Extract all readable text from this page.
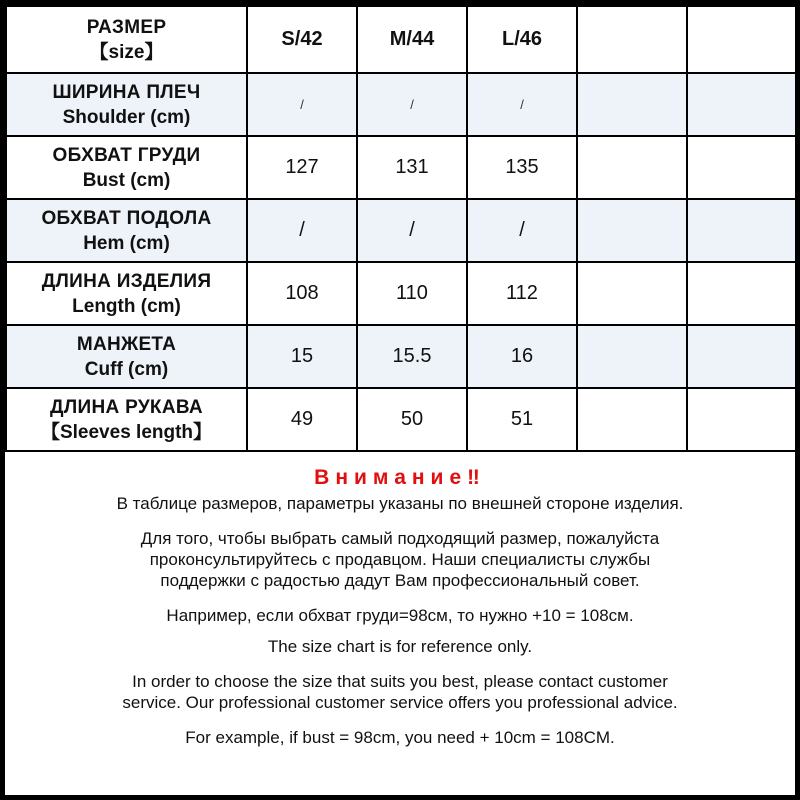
РАЗМЕР
【size】	S/42	M/44	L/46		

ШИРИНА ПЛЕЧ
Shoulder (cm)	/	/	/		

ОБХВАТ ГРУДИ
Bust (cm)	127	131	135		

ОБХВАТ ПОДОЛА
Hem (cm)	/	/	/		

ДЛИНА ИЗДЕЛИЯ
Length (cm)	108	110	112		

МАНЖЕТА
Cuff (cm)	15	15.5	16		

ДЛИНА РУКАВА
【Sleeves length】	49	50	51		
Внимание‼

В таблице размеров, параметры указаны по внешней стороне изделия.

Для того, чтобы выбрать самый подходящий размер, пожалуйста

проконсультируйтесь с продавцом. Наши специалисты службы

поддержки с радостью дадут Вам профессиональный совет.

Например, если обхват груди=98см, то нужно +10 = 108см.

The size chart is for reference only.

In order to choose the size that suits you best, please contact customer

service. Our professional customer service offers you professional advice.

For example, if bust = 98cm, you need + 10cm = 108CM.
